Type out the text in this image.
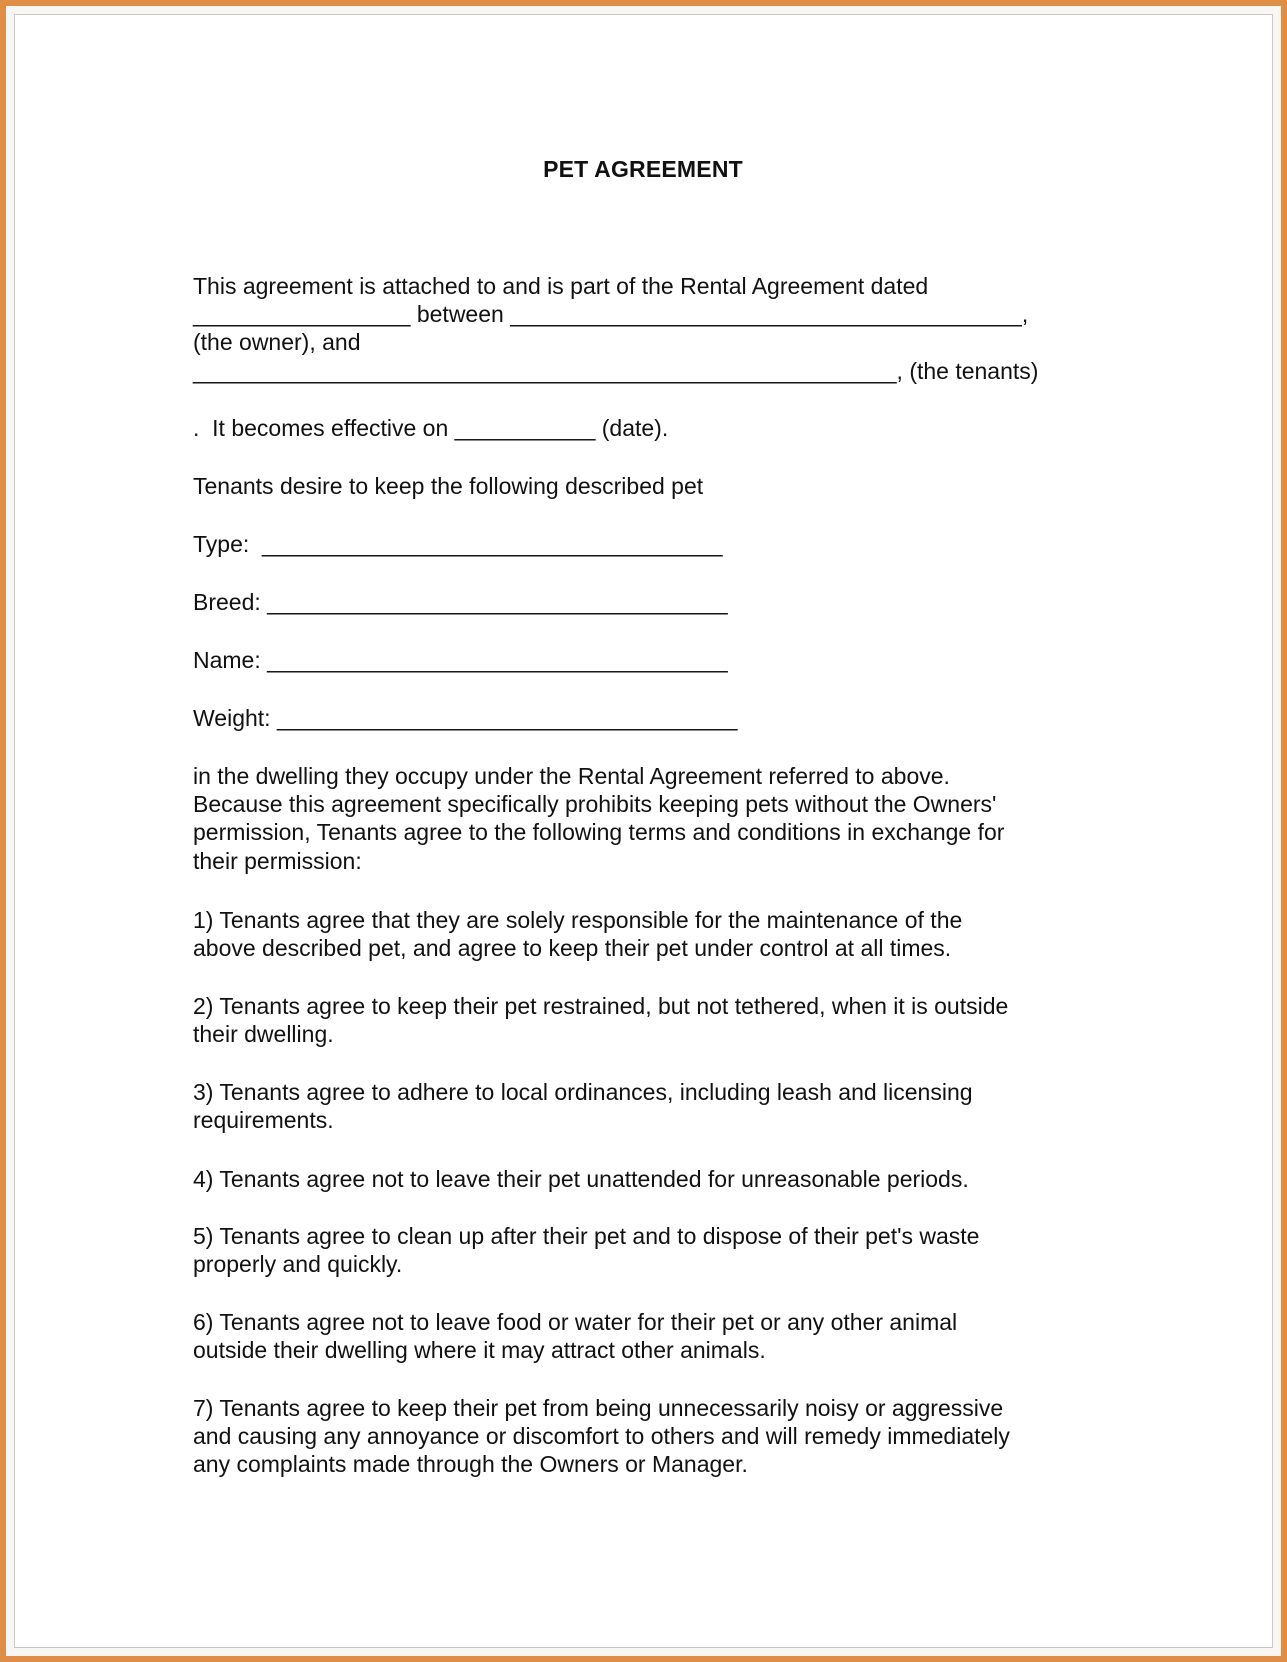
PET AGREEMENT
This agreement is attached to and is part of the Rental Agreement dated
_________________ between ________________________________________,
(the owner), and
_______________________________________________________, (the tenants)
.  It becomes effective on ___________ (date).
Tenants desire to keep the following described pet
Type:  ____________________________________
Breed: ____________________________________
Name: ____________________________________
Weight: ____________________________________
in the dwelling they occupy under the Rental Agreement referred to above.
Because this agreement specifically prohibits keeping pets without the Owners'
permission, Tenants agree to the following terms and conditions in exchange for
their permission:
1) Tenants agree that they are solely responsible for the maintenance of the
above described pet, and agree to keep their pet under control at all times.
2) Tenants agree to keep their pet restrained, but not tethered, when it is outside
their dwelling.
3) Tenants agree to adhere to local ordinances, including leash and licensing
requirements.
4) Tenants agree not to leave their pet unattended for unreasonable periods.
5) Tenants agree to clean up after their pet and to dispose of their pet's waste
properly and quickly.
6) Tenants agree not to leave food or water for their pet or any other animal
outside their dwelling where it may attract other animals.
7) Tenants agree to keep their pet from being unnecessarily noisy or aggressive
and causing any annoyance or discomfort to others and will remedy immediately
any complaints made through the Owners or Manager.
